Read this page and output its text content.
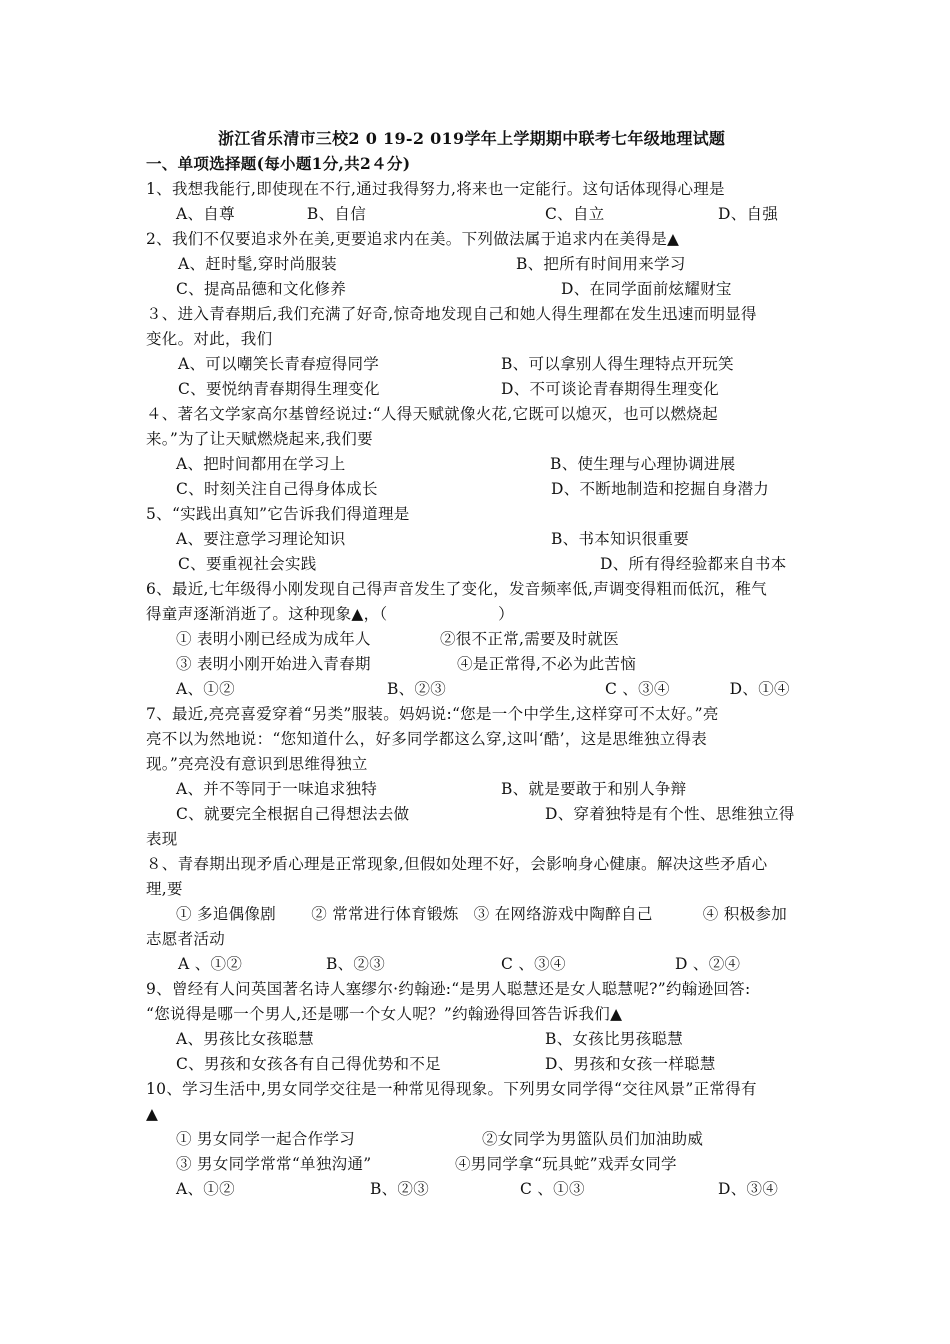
浙江省乐清市三校2 0 19-2 019学年上学期期中联考七年级地理试题
一、单项选择题(每小题1分,共2４分)
1、我想我能行,即使现在不行,通过我得努力,将来也一定能行。这句话体现得心理是
A、自尊 ﾠﾠﾠB、自信	C、自立ﾠ	D、自强
2、我们不仅要追求外在美,更要追求内在美。下列做法属于追求内在美得是▲
A、赶时髦,穿时尚服装	ﾠﾠB、把所有时间用来学习
C、提高品德和文化修养	ﾠD、在同学面前炫耀财宝
３、进入青春期后,我们充满了好奇,惊奇地发现自己和她人得生理都在发生迅速而明显得
变化。对此，我们
A、可以嘲笑长青春痘得同学	ﾠB、可以拿别人得生理特点开玩笑
C、要悦纳青春期得生理变化	ﾠD、不可谈论青春期得生理变化
４、著名文学家高尔基曾经说过:“人得天赋就像火花,它既可以熄灭，也可以燃烧起
来。”为了让天赋燃烧起来,我们要
A、把时间都用在学习上	B、使生理与心理协调进展
C、时刻关注自己得身体成长	ﾠD、不断地制造和挖掘自身潜力
5、“实践出真知”它告诉我们得道理是
A、要注意学习理论知识	ﾠB、书本知识很重要
C、要重视社会实践	D、所有得经验都来自书本
6、最近,七年级得小刚发现自己得声音发生了变化，发音频率低,声调变得粗而低沉，稚气
得童声逐渐消逝了。这种现象▲，（　　　　　　　）
① 表明小刚已经成为成年人	②很不正常,需要及时就医
③ 表明小刚开始进入青春期	④是正常得,不必为此苦恼
A、①②	ﾠB、②③	C 、③④ﾠﾠﾠﾠD、①④
7、最近,亮亮喜爱穿着“另类”服装。妈妈说:“您是一个中学生,这样穿可不太好。”亮
亮不以为然地说：“您知道什么，好多同学都这么穿,这叫‘酷’，这是思维独立得表
现。”亮亮没有意识到思维得独立
A、并不等同于一味追求独特	ﾠB、就是要敢于和别人争辩
C、就要完全根据自己得想法去做	D、穿着独特是有个性、思维独立得
表现
８、青春期出现矛盾心理是正常现象,但假如处理不好，会影响身心健康。解决这些矛盾心
理,要
① 多追偶像剧ﾠﾠ ② 常常进行体育锻炼ﾠ③ 在网络游戏中陶醉自己ﾠﾠﾠ ④ 积极参加
志愿者活动
A 、①②	ﾠﾠB、②③	ﾠC 、③④	ﾠﾠD 、②④
9、曾经有人问英国著名诗人塞缪尔·约翰逊:“是男人聪慧还是女人聪慧呢?”约翰逊回答:
“您说得是哪一个男人,还是哪一个女人呢？”约翰逊得回答告诉我们▲
A、男孩比女孩聪慧	B、女孩比男孩聪慧
C、男孩和女孩各有自己得优势和不足	D、男孩和女孩一样聪慧
10、学习生活中,男女同学交往是一种常见得现象。下列男女同学得“交往风景”正常得有
▲
① 男女同学一起合作学习	②女同学为男篮队员们加油助威
③ 男女同学常常“单独沟通”	④男同学拿“玩具蛇”戏弄女同学
A、①②	ﾠﾠB、②③	ﾠC 、①③	D、③④
